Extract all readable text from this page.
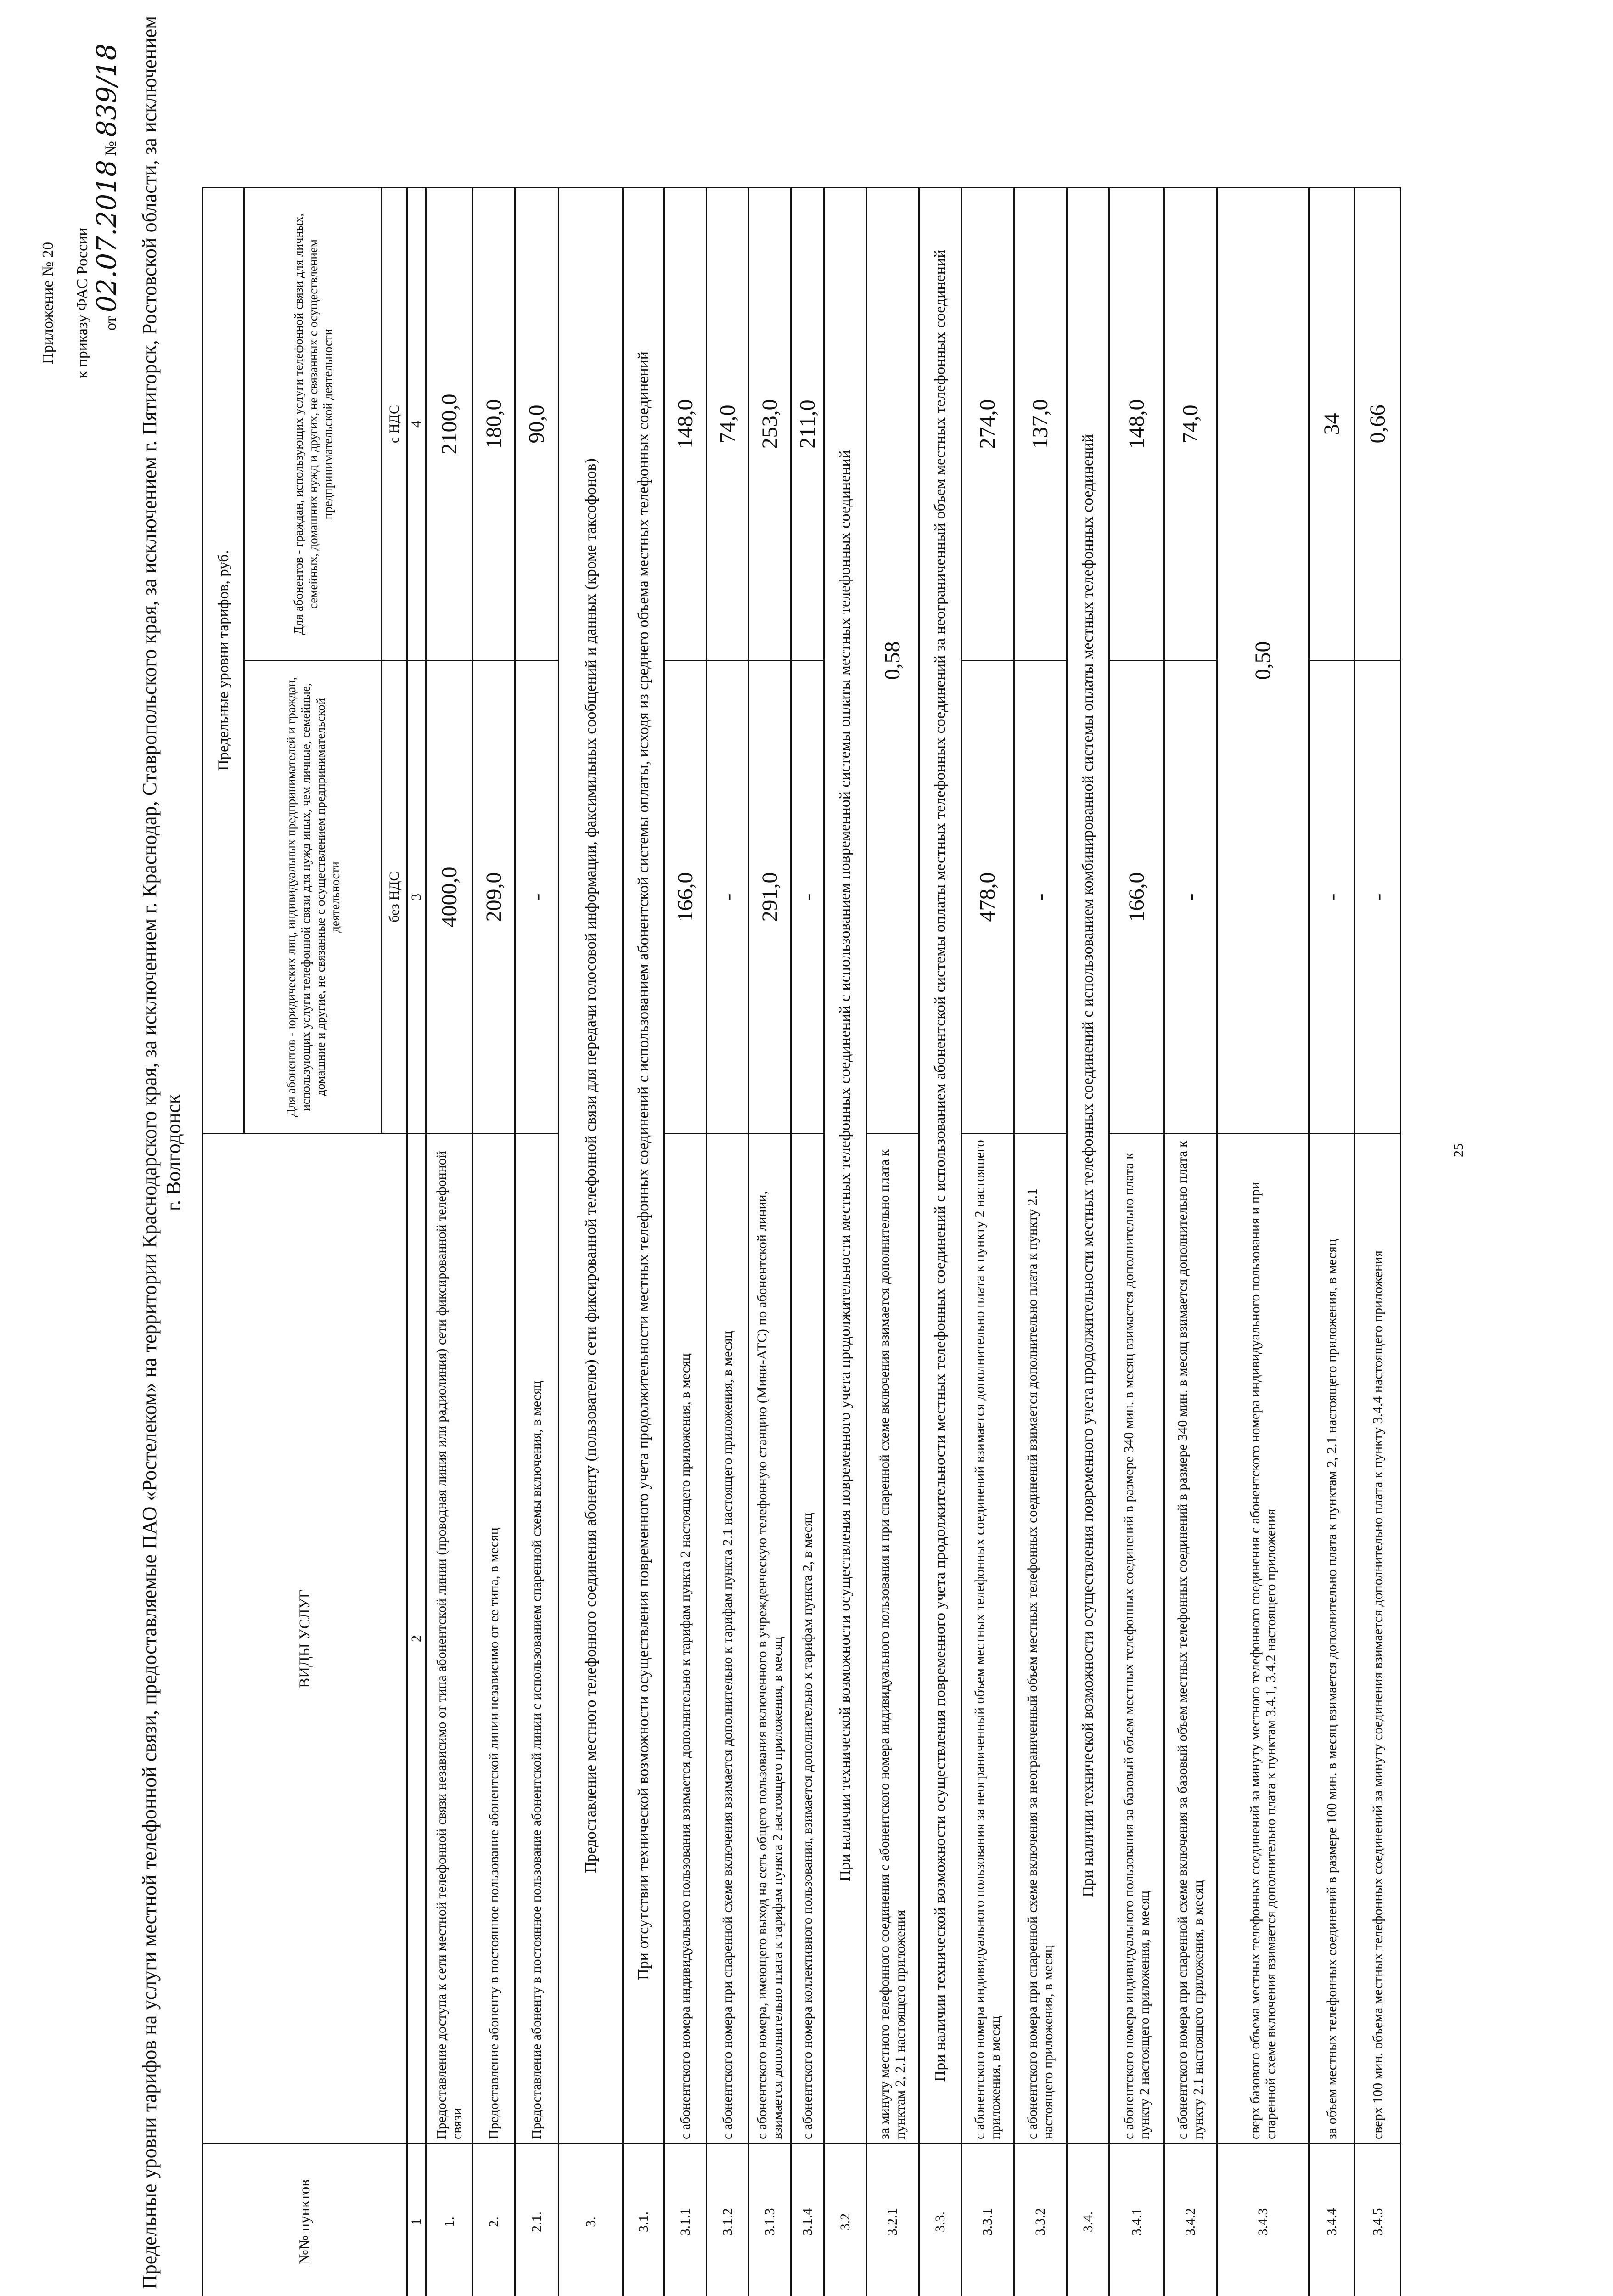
Приложение № 20 к приказу ФАС России от 02.07.2018 № 839/18 Предельные уровни тарифов на услуги местной телефонной связи, предоставляемые ПАО «Ростелеком» на территории Краснодарского края, за исключением г. Краснодар, Ставропольского края, за исключением г. Пятигорск, Ростовской области, за исключением г. Волгодонск
№№ пунктов	ВИДЫ УСЛУГ	Предельные уровни тарифов, руб.	
		Для абонентов - юридических лиц, индивидуальных предпринимателей и граждан, использующих услуги телефонной связи для нужд иных, чем личные, семейные, домашние и другие, не связанные с осуществлением предпринимательской деятельности	Для абонентов - граждан, использующих услуги телефонной связи для личных, семейных, домашних нужд и других, не связанных с осуществлением предпринимательской деятельности
		без НДС	с НДС
1	2	3	4
1.	Предоставление доступа к сети местной телефонной связи независимо от типа абонентской линии (проводная линия или радиолиния) сети фиксированной телефонной связи	4000,0	2100,0
2.	Предоставление абоненту в постоянное пользование абонентской линии независимо от ее типа, в месяц	209,0	180,0
2.1.	Предоставление абоненту в постоянное пользование абонентской линии с использованием спаренной схемы включения, в месяц	-	90,0
3.	Предоставление местного телефонного соединения абоненту (пользователю) сети фиксированной телефонной связи для передачи голосовой информации, факсимильных сообщений и данных (кроме таксофонов)		
3.1.	При отсутствии технической возможности осуществления повременного учета продолжительности местных телефонных соединений с использованием абонентской системы оплаты, исходя из среднего объема местных телефонных соединений		
3.1.1	с абонентского номера индивидуального пользования взимается дополнительно к тарифам пункта 2 настоящего приложения, в месяц	166,0	148,0
3.1.2	с абонентского номера при спаренной схеме включения взимается дополнительно к тарифам пункта 2.1 настоящего приложения, в месяц	-	74,0
3.1.3	с абонентского номера, имеющего выход на сеть общего пользования включенного в учрежденческую телефонную станцию (Мини-АТС) по абонентской линии, взимается дополнительно плата к тарифам пункта 2 настоящего приложения, в месяц	291,0	253,0
3.1.4	с абонентского номера коллективного пользования, взимается дополнительно к тарифам пункта 2, в месяц	-	211,0
3.2	При наличии технической возможности осуществления повременного учета продолжительности местных телефонных соединений с использованием повременной системы оплаты местных телефонных соединений		
3.2.1	за минуту местного телефонного соединения с абонентского номера индивидуального пользования и при спаренной схеме включения взимается дополнительно плата к пунктам 2, 2.1 настоящего приложения	0,58	
3.3.	При наличии технической возможности осуществления повременного учета продолжительности местных телефонных соединений с использованием абонентской системы оплаты местных телефонных соединений за неограниченный объем местных телефонных соединений		
3.3.1	с абонентского номера индивидуального пользования за неограниченный объем местных телефонных соединений взимается дополнительно плата к пункту 2 настоящего приложения, в месяц	478,0	274,0
3.3.2	с абонентского номера при спаренной схеме включения за неограниченный объем местных телефонных соединений взимается дополнительно плата к пункту 2.1 настоящего приложения, в месяц	-	137,0
3.4.	При наличии технической возможности осуществления повременного учета продолжительности местных телефонных соединений с использованием комбинированной системы оплаты местных телефонных соединений		
3.4.1	с абонентского номера индивидуального пользования за базовый объем местных телефонных соединений в размере 340 мин. в месяц взимается дополнительно плата к пункту 2 настоящего приложения, в месяц	166,0	148,0
3.4.2	с абонентского номера при спаренной схеме включения за базовый объем местных телефонных соединений в размере 340 мин. в месяц взимается дополнительно плата к пункту 2.1 настоящего приложения, в месяц	-	74,0
3.4.3	сверх базового объема местных телефонных соединений за минуту местного телефонного соединения с абонентского номера индивидуального пользования и при спаренной схеме включения взимается дополнительно плата к пунктам 3.4.1, 3.4.2 настоящего приложения	0,50	
3.4.4	за объем местных телефонных соединений в размере 100 мин. в месяц взимается дополнительно плата к пунктам 2, 2.1 настоящего приложения, в месяц	-	34
3.4.5	сверх 100 мин. объема местных телефонных соединений за минуту соединения взимается дополнительно плата к пункту 3.4.4 настоящего приложения	-	0,66
25
